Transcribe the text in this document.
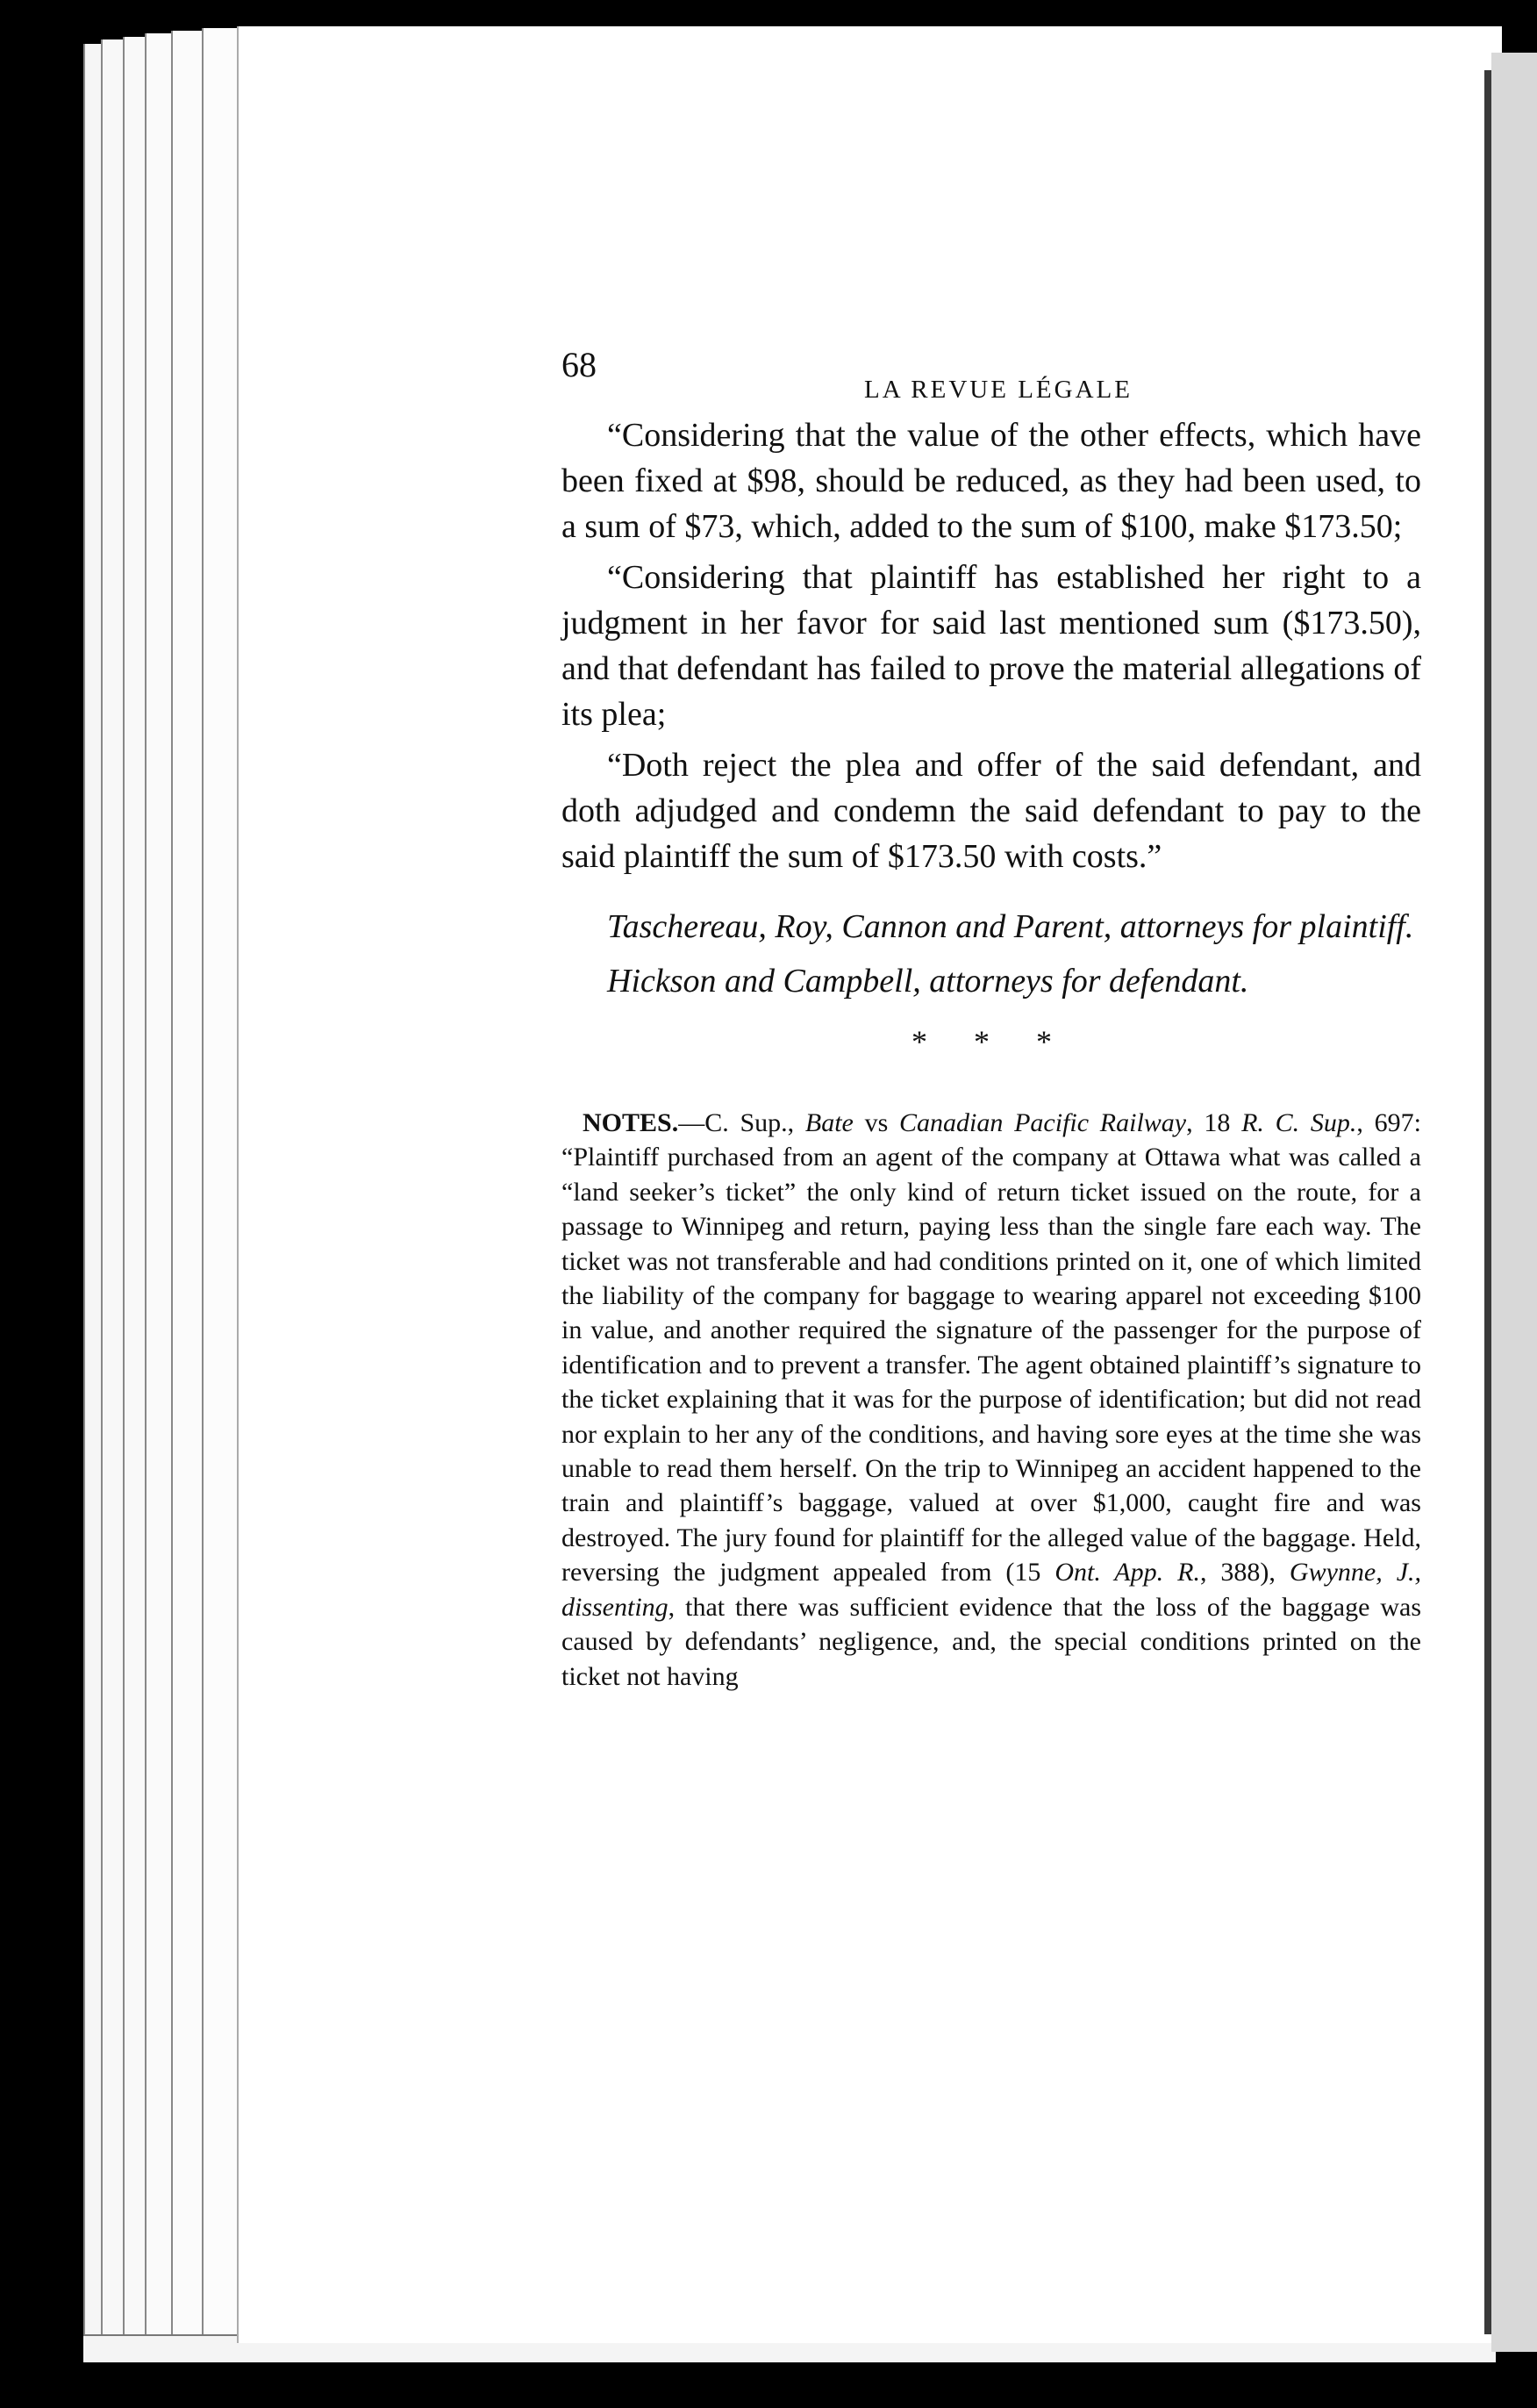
68
LA REVUE LÉGALE

“Considering that the value of the other effects, which have been fixed at $98, should be reduced, as they had been used, to a sum of $73, which, added to the sum of $100, make $173.50;

“Considering that plaintiff has established her right to a judgment in her favor for said last mentioned sum ($173.50), and that defendant has failed to prove the material allegations of its plea;

“Doth reject the plea and offer of the said defendant, and doth adjudged and condemn the said defendant to pay to the said plaintiff the sum of $173.50 with costs.”

Taschereau, Roy, Cannon and Parent, attorneys for plaintiff.

Hickson and Campbell, attorneys for defendant.

* * *

NOTES.—C. Sup., Bate vs Canadian Pacific Railway, 18 R. C. Sup., 697: “Plaintiff purchased from an agent of the company at Ottawa what was called a “land seeker’s ticket” the only kind of return ticket issued on the route, for a passage to Winnipeg and return, paying less than the single fare each way. The ticket was not transferable and had conditions printed on it, one of which limited the liability of the company for baggage to wearing apparel not exceeding $100 in value, and another required the signature of the passenger for the purpose of identification and to prevent a transfer. The agent obtained plaintiff’s signature to the ticket explaining that it was for the purpose of identification; but did not read nor explain to her any of the conditions, and having sore eyes at the time she was unable to read them herself. On the trip to Winnipeg an accident happened to the train and plaintiff’s baggage, valued at over $1,000, caught fire and was destroyed. The jury found for plaintiff for the alleged value of the baggage. Held, reversing the judgment appealed from (15 Ont. App. R., 388), Gwynne, J., dissenting, that there was sufficient evidence that the loss of the baggage was caused by defendants’ negligence, and, the special conditions printed on the ticket not having
